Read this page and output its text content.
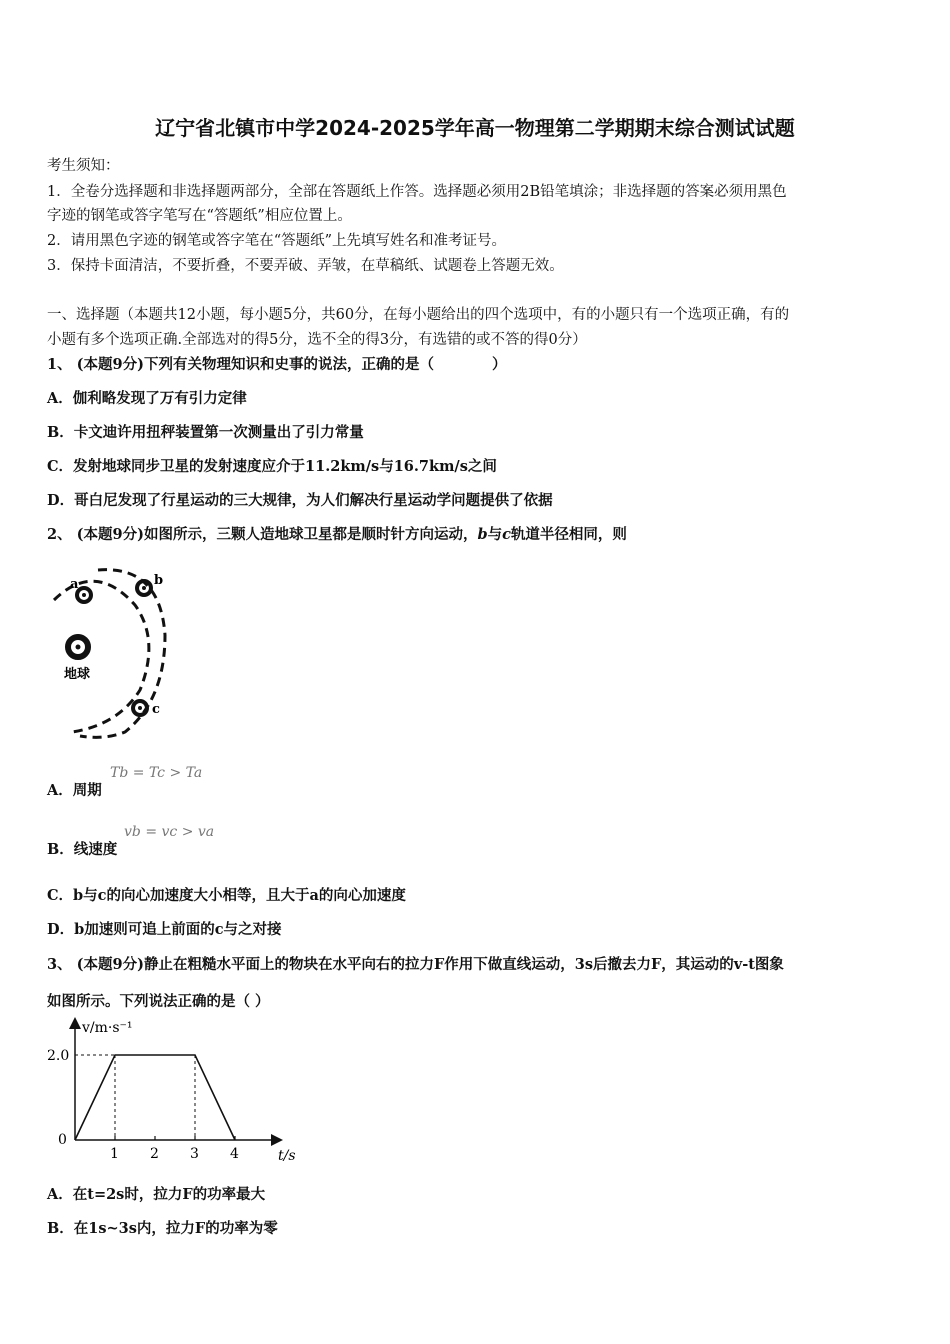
辽宁省北镇市中学2024-2025学年高一物理第二学期期末综合测试试题
考生须知：
1．全卷分选择题和非选择题两部分，全部在答题纸上作答。选择题必须用2B铅笔填涂；非选择题的答案必须用黑色
字迹的钢笔或答字笔写在“答题纸”相应位置上。
2．请用黑色字迹的钢笔或答字笔在“答题纸”上先填写姓名和准考证号。
3．保持卡面清洁，不要折叠，不要弄破、弄皱，在草稿纸、试题卷上答题无效。
一、选择题（本题共12小题，每小题5分，共60分，在每小题给出的四个选项中，有的小题只有一个选项正确，有的
小题有多个选项正确.全部选对的得5分，选不全的得3分，有选错的或不答的得0分）
1、 (本题9分)下列有关物理知识和史事的说法，正确的是（　　　　）
A．伽利略发现了万有引力定律
B．卡文迪许用扭秤装置第一次测量出了引力常量
C．发射地球同步卫星的发射速度应介于11.2km/s与16.7km/s之间
D．哥白尼发现了行星运动的三大规律，为人们解决行星运动学问题提供了依据
2、 (本题9分)如图所示，三颗人造地球卫星都是顺时针方向运动，b与c轨道半径相同，则
a	b
地球
c
A．周期
Tb = Tc > Ta
B．线速度
vb = vc > va
C．b与c的向心加速度大小相等，且大于a的向心加速度
D．b加速则可追上前面的c与之对接
3、 (本题9分)静止在粗糙水平面上的物块在水平向右的拉力F作用下做直线运动，3s后撤去力F，其运动的v-t图象
如图所示。下列说法正确的是（ ）
v/m·s⁻¹
t/s
0
1 2 3 4
2.0
A．在t=2s时，拉力F的功率最大
B．在1s~3s内，拉力F的功率为零
